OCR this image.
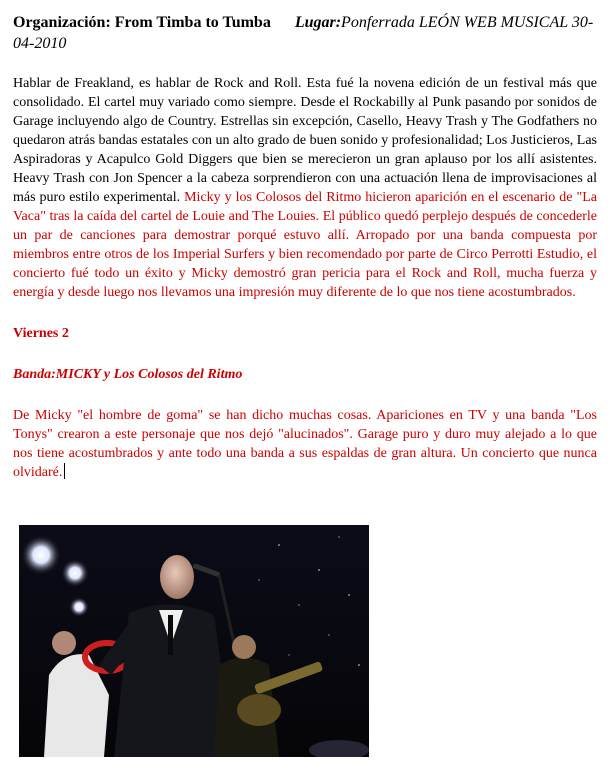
Organización: From Timba to Tumba Lugar:Ponferrada LEÓN WEB MUSICAL 30-04-2010

Hablar de Freakland, es hablar de Rock and Roll. Esta fué la novena edición de un festival más que consolidado. El cartel muy variado como siempre. Desde el Rockabilly al Punk pasando por sonidos de Garage incluyendo algo de Country. Estrellas sin excepción, Casello, Heavy Trash y The Godfathers no quedaron atrás bandas estatales con un alto grado de buen sonido y profesionalidad; Los Justicieros, Las Aspiradoras y Acapulco Gold Diggers que bien se merecieron un gran aplauso por los allí asistentes. Heavy Trash con Jon Spencer a la cabeza sorprendieron con una actuación llena de improvisaciones al más puro estilo experimental. Micky y los Colosos del Ritmo hicieron aparición en el escenario de "La Vaca" tras la caída del cartel de Louie and The Louies. El público quedó perplejo después de concederle un par de canciones para demostrar porqué estuvo allí. Arropado por una banda compuesta por miembros entre otros de los Imperial Surfers y bien recomendado por parte de Circo Perrotti Estudio, el concierto fué todo un éxito y Micky demostró gran pericia para el Rock and Roll, mucha fuerza y energía y desde luego nos llevamos una impresión muy diferente de lo que nos tiene acostumbrados.

Viernes 2

Banda:MICKY y Los Colosos del Ritmo

De Micky "el hombre de goma" se han dicho muchas cosas. Apariciones en TV y una banda "Los Tonys" crearon a este personaje que nos dejó "alucinados". Garage puro y duro muy alejado a lo que nos tiene acostumbrados y ante todo una banda a sus espaldas de gran altura. Un concierto que nunca olvidaré.
